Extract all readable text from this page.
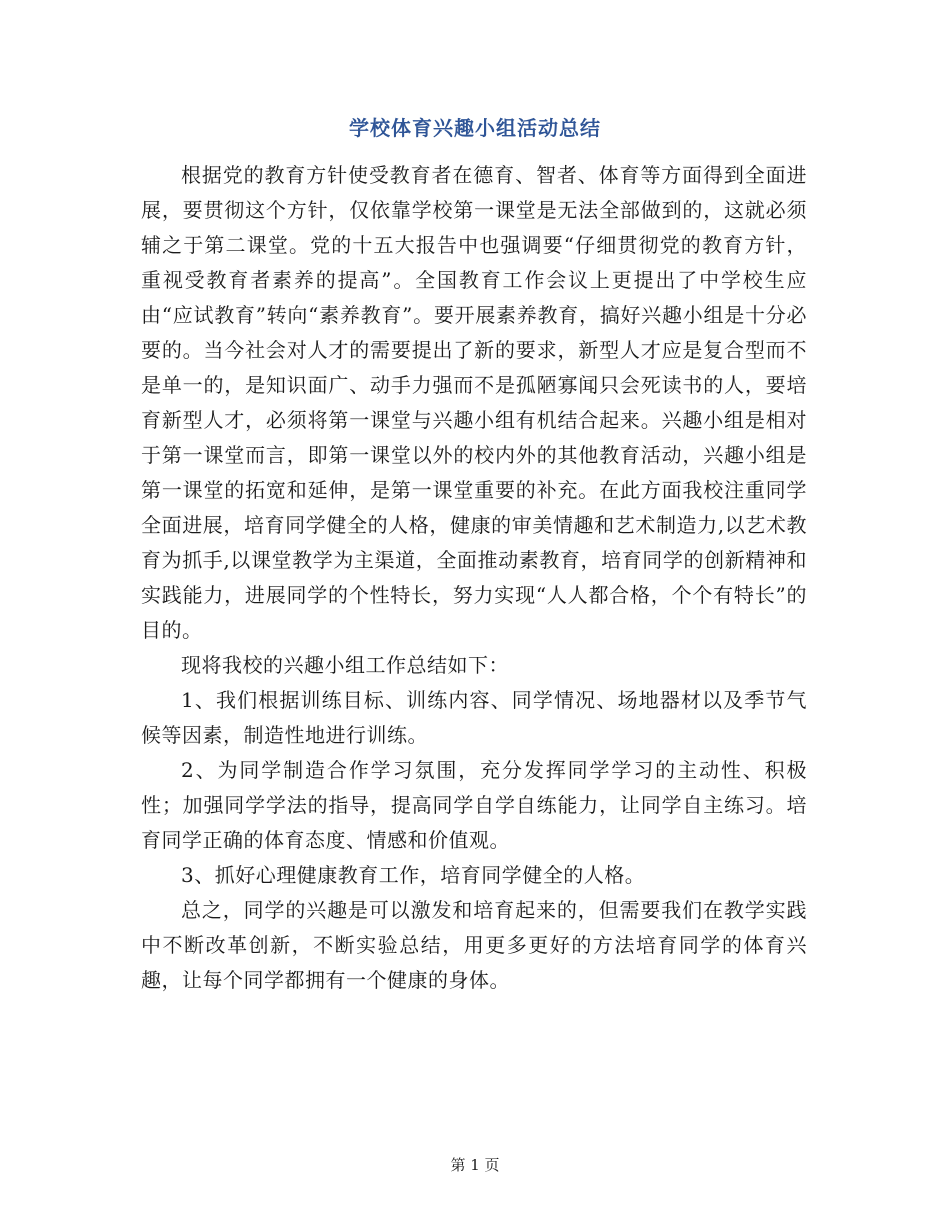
学校体育兴趣小组活动总结

根据党的教育方针使受教育者在德育、智者、体育等方面得到全面进展，要贯彻这个方针，仅依靠学校第一课堂是无法全部做到的，这就必须辅之于第二课堂。党的十五大报告中也强调要“仔细贯彻党的教育方针，重视受教育者素养的提高”。全国教育工作会议上更提出了中学校生应由“应试教育”转向“素养教育”。要开展素养教育，搞好兴趣小组是十分必要的。当今社会对人才的需要提出了新的要求，新型人才应是复合型而不是单一的，是知识面广、动手力强而不是孤陋寡闻只会死读书的人，要培育新型人才，必须将第一课堂与兴趣小组有机结合起来。兴趣小组是相对于第一课堂而言，即第一课堂以外的校内外的其他教育活动，兴趣小组是第一课堂的拓宽和延伸，是第一课堂重要的补充。在此方面我校注重同学全面进展，培育同学健全的人格，健康的审美情趣和艺术制造力,以艺术教育为抓手,以课堂教学为主渠道，全面推动素教育，培育同学的创新精神和实践能力，进展同学的个性特长，努力实现“人人都合格，个个有特长”的目的。

现将我校的兴趣小组工作总结如下：

1、我们根据训练目标、训练内容、同学情况、场地器材以及季节气候等因素，制造性地进行训练。

2、为同学制造合作学习氛围，充分发挥同学学习的主动性、积极性；加强同学学法的指导，提高同学自学自练能力，让同学自主练习。培育同学正确的体育态度、情感和价值观。

3、抓好心理健康教育工作，培育同学健全的人格。

总之，同学的兴趣是可以激发和培育起来的，但需要我们在教学实践中不断改革创新，不断实验总结，用更多更好的方法培育同学的体育兴趣，让每个同学都拥有一个健康的身体。

第 1 页
